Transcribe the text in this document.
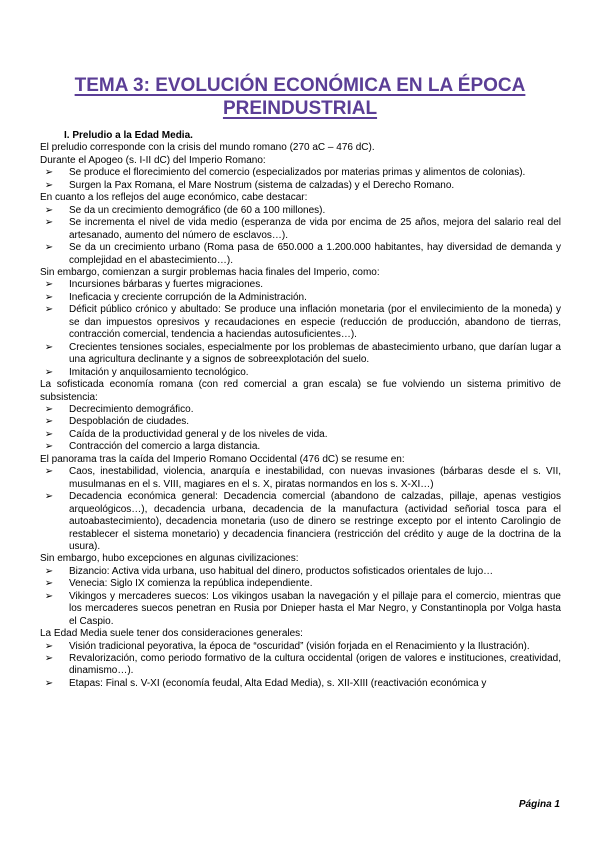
TEMA 3: EVOLUCIÓN ECONÓMICA EN LA ÉPOCA PREINDUSTRIAL
I. Preludio a la Edad Media.

El preludio corresponde con la crisis del mundo romano (270 aC – 476 dC).

Durante el Apogeo (s. I-II dC) del Imperio Romano:

➢ Se produce el florecimiento del comercio (especializados por materias primas y alimentos de colonias).
➢ Surgen la Pax Romana, el Mare Nostrum (sistema de calzadas) y el Derecho Romano.

En cuanto a los reflejos del auge económico, cabe destacar:

➢ Se da un crecimiento demográfico (de 60 a 100 millones).
➢ Se incrementa el nivel de vida medio (esperanza de vida por encima de 25 años, mejora del salario real del artesanado, aumento del número de esclavos…).
➢ Se da un crecimiento urbano (Roma pasa de 650.000 a 1.200.000 habitantes, hay diversidad de demanda y complejidad en el abastecimiento…).

Sin embargo, comienzan a surgir problemas hacia finales del Imperio, como:

➢ Incursiones bárbaras y fuertes migraciones.
➢ Ineficacia y creciente corrupción de la Administración.
➢ Déficit público crónico y abultado: Se produce una inflación monetaria (por el envilecimiento de la moneda) y se dan impuestos opresivos y recaudaciones en especie (reducción de producción, abandono de tierras, contracción comercial, tendencia a haciendas autosuficientes…).
➢ Crecientes tensiones sociales, especialmente por los problemas de abastecimiento urbano, que darían lugar a una agricultura declinante y a signos de sobreexplotación del suelo.
➢ Imitación y anquilosamiento tecnológico.

La sofisticada economía romana (con red comercial a gran escala) se fue volviendo un sistema primitivo de subsistencia:

➢ Decrecimiento demográfico.
➢ Despoblación de ciudades.
➢ Caída de la productividad general y de los niveles de vida.
➢ Contracción del comercio a larga distancia.

El panorama tras la caída del Imperio Romano Occidental (476 dC) se resume en:

➢ Caos, inestabilidad, violencia, anarquía e inestabilidad, con nuevas invasiones (bárbaras desde el s. VII, musulmanas en el s. VIII, magiares en el s. X, piratas normandos en los s. X-XI…)
➢ Decadencia económica general: Decadencia comercial (abandono de calzadas, pillaje, apenas vestigios arqueológicos…), decadencia urbana, decadencia de la manufactura (actividad señorial tosca para el autoabastecimiento), decadencia monetaria (uso de dinero se restringe excepto por el intento Carolingio de restablecer el sistema monetario) y decadencia financiera (restricción del crédito y auge de la doctrina de la usura).

Sin embargo, hubo excepciones en algunas civilizaciones:

➢ Bizancio: Activa vida urbana, uso habitual del dinero, productos sofisticados orientales de lujo…
➢ Venecia: Siglo IX comienza la república independiente.
➢ Vikingos y mercaderes suecos: Los vikingos usaban la navegación y el pillaje para el comercio, mientras que los mercaderes suecos penetran en Rusia por Dnieper hasta el Mar Negro, y Constantinopla por Volga hasta el Caspio.

La Edad Media suele tener dos consideraciones generales:

➢ Visión tradicional peyorativa, la época de “oscuridad” (visión forjada en el Renacimiento y la Ilustración).
➢ Revalorización, como periodo formativo de la cultura occidental (origen de valores e instituciones, creatividad, dinamismo…).
➢ Etapas: Final s. V-XI (economía feudal, Alta Edad Media), s. XII-XIII (reactivación económica y
Página 1
